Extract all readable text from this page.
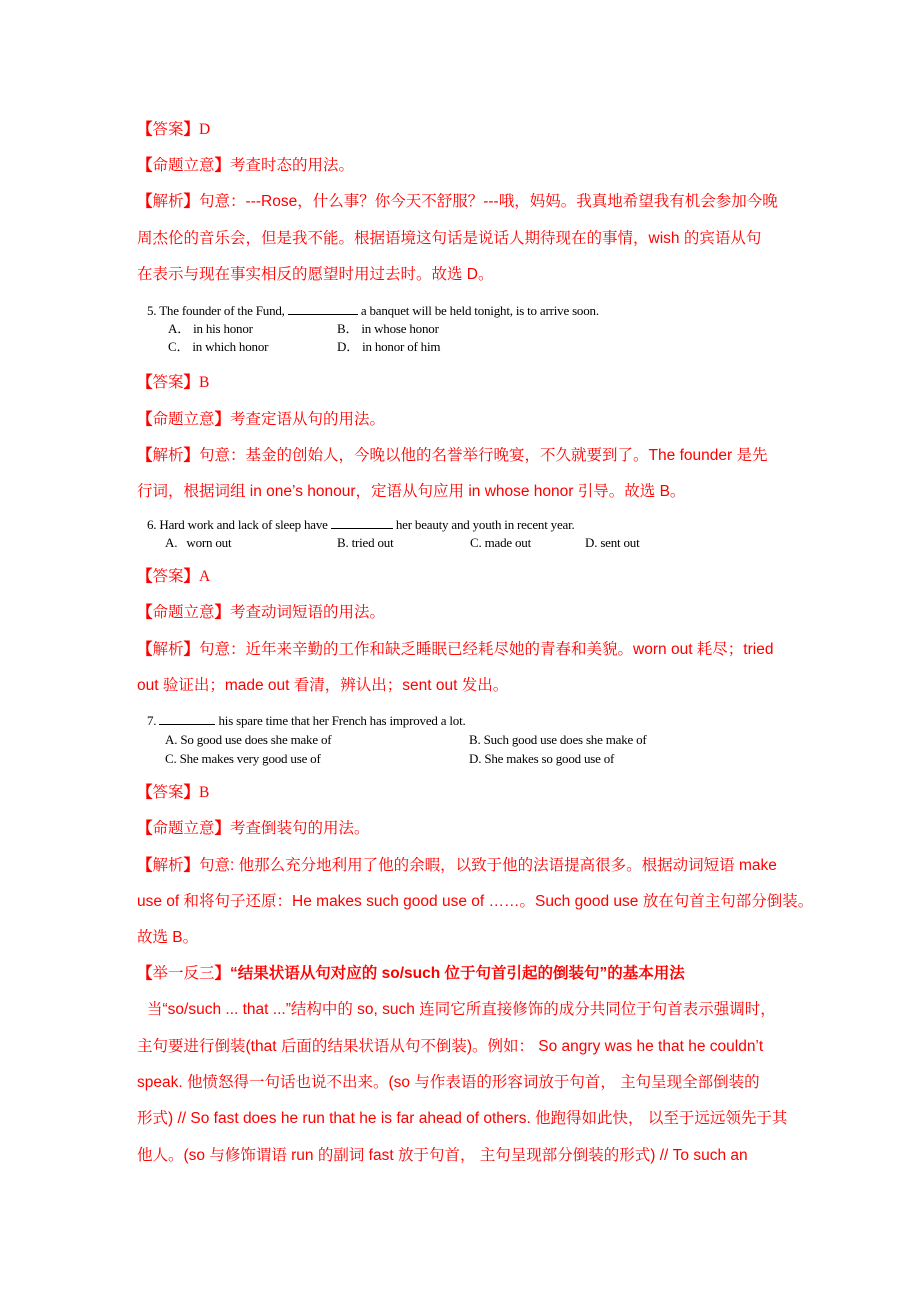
【答案】D
【命题立意】考查时态的用法。
【解析】句意：---Rose，什么事？你今天不舒服？---哦，妈妈。我真地希望我有机会参加今晚
周杰伦的音乐会，但是我不能。根据语境这句话是说话人期待现在的事情，wish 的宾语从句
在表示与现在事实相反的愿望时用过去时。故选 D。
5. The founder of the Fund,	a banquet will be held tonight, is to arrive soon.
A． in his honor	B． in whose honor
C． in which honor	D． in honor of him
【答案】B
【命题立意】考查定语从句的用法。
【解析】句意：基金的创始人，今晚以他的名誉举行晚宴，不久就要到了。The founder 是先
行词，根据词组 in one’s honour，定语从句应用 in whose honor 引导。故选 B。
6. Hard work and lack of sleep have	her beauty and youth in recent year.
A. worn out	B. tried out	C. made out	D. sent out
【答案】A
【命题立意】考查动词短语的用法。
【解析】句意：近年来辛勤的工作和缺乏睡眠已经耗尽她的青春和美貌。worn out 耗尽；tried
out 验证出；made out 看清，辨认出；sent out 发出。
7.	his spare time that her French has improved a lot.
A. So good use does she make of	B. Such good use does she make of
C. She makes very good use of	D. She makes so good use of
【答案】B
【命题立意】考查倒装句的用法。
【解析】句意: 他那么充分地利用了他的余暇，以致于他的法语提高很多。根据动词短语 make
use of 和将句子还原：He makes such good use of ……。Such good use 放在句首主句部分倒装。
故选 B。
【举一反三】“结果状语从句对应的 so/such 位于句首引起的倒装句”的基本用法
当“so/such ... that ...”结构中的 so, such 连同它所直接修饰的成分共同位于句首表示强调时，
主句要进行倒装(that 后面的结果状语从句不倒装)。例如： So angry was he that he couldn’t
speak. 他愤怒得一句话也说不出来。(so 与作表语的形容词放于句首， 主句呈现全部倒装的
形式) // So fast does he run that he is far ahead of others. 他跑得如此快， 以至于远远领先于其
他人。(so 与修饰谓语 run 的副词 fast 放于句首， 主句呈现部分倒装的形式) // To such an
